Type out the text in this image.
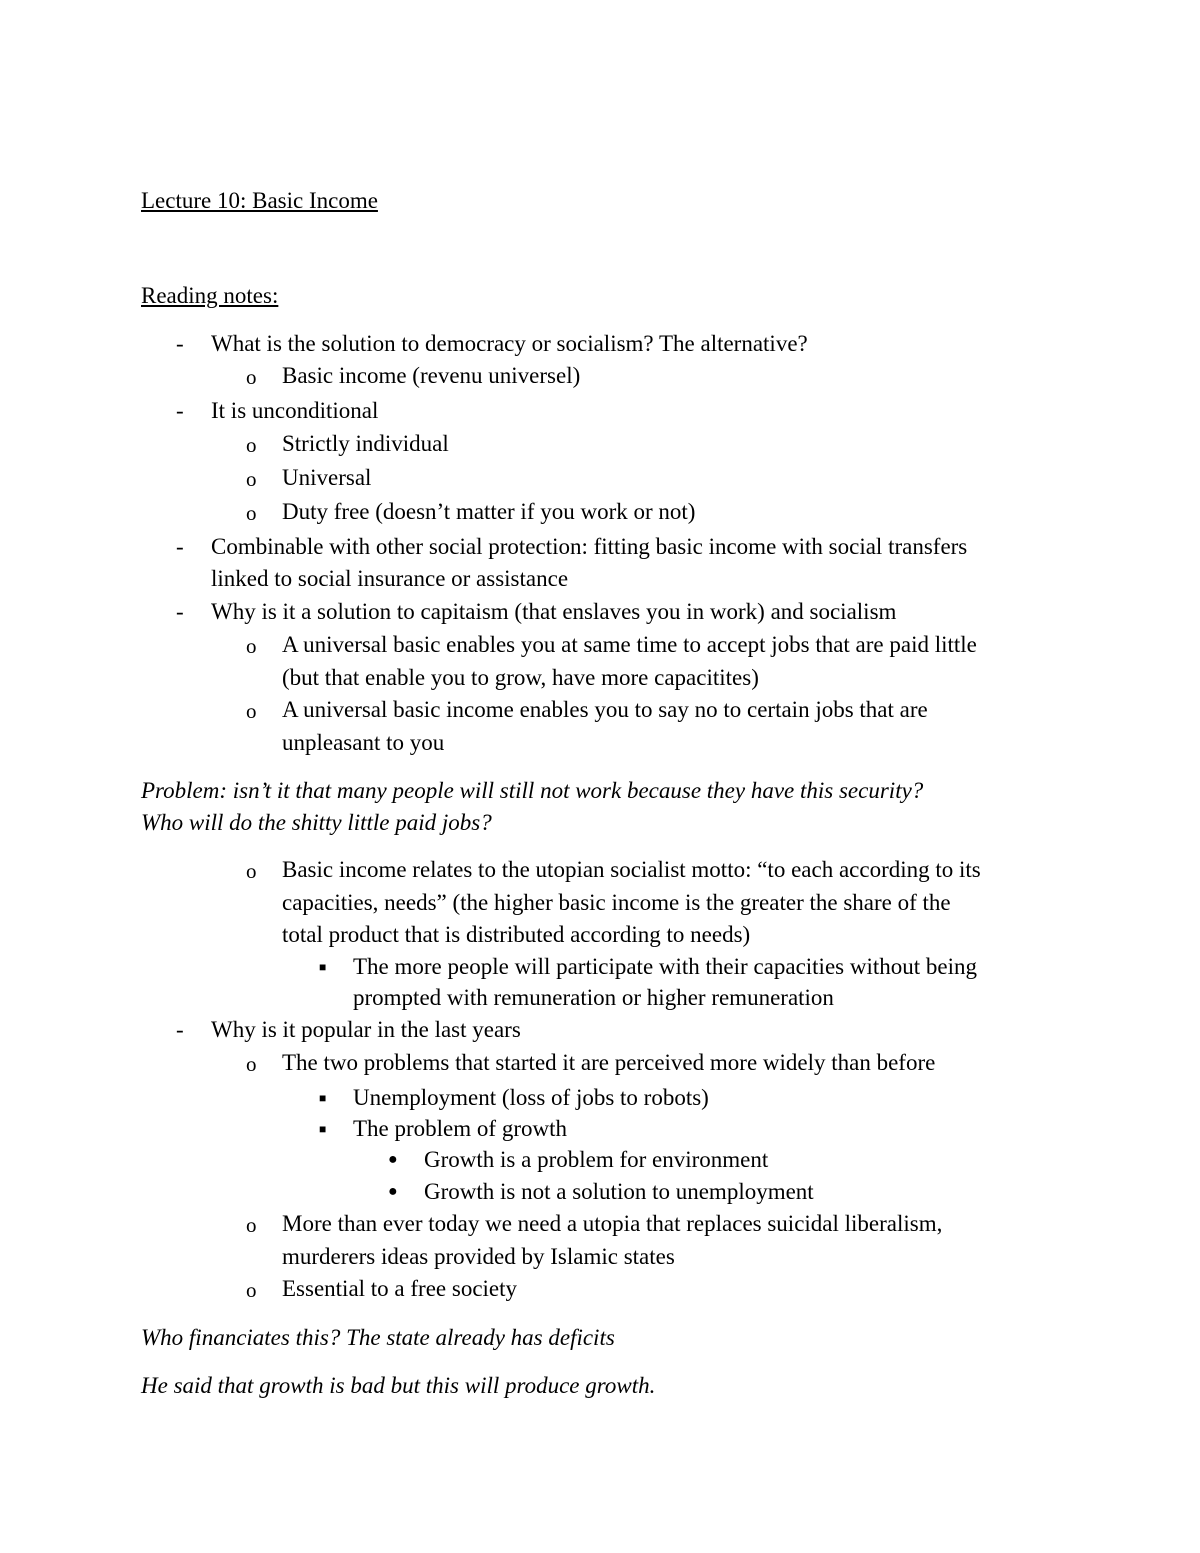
Lecture 10: Basic Income
Reading notes:
- What is the solution to democracy or socialism? The alternative?
o Basic income (revenu universel)
- It is unconditional
o Strictly individual
o Universal
o Duty free (doesn’t matter if you work or not)
- Combinable with other social protection: fitting basic income with social transfers
linked to social insurance or assistance
- Why is it a solution to capitaism (that enslaves you in work) and socialism
o A universal basic enables you at same time to accept jobs that are paid little
(but that enable you to grow, have more capacitites)
o A universal basic income enables you to say no to certain jobs that are
unpleasant to you
Problem: isn’t it that many people will still not work because they have this security?
Who will do the shitty little paid jobs?
o Basic income relates to the utopian socialist motto: “to each according to its
capacities, needs” (the higher basic income is the greater the share of the
total product that is distributed according to needs)
■ The more people will participate with their capacities without being
prompted with remuneration or higher remuneration
- Why is it popular in the last years
o The two problems that started it are perceived more widely than before
■ Unemployment (loss of jobs to robots)
■ The problem of growth
● Growth is a problem for environment
● Growth is not a solution to unemployment
o More than ever today we need a utopia that replaces suicidal liberalism,
murderers ideas provided by Islamic states
o Essential to a free society
Who financiates this? The state already has deficits
He said that growth is bad but this will produce growth.
